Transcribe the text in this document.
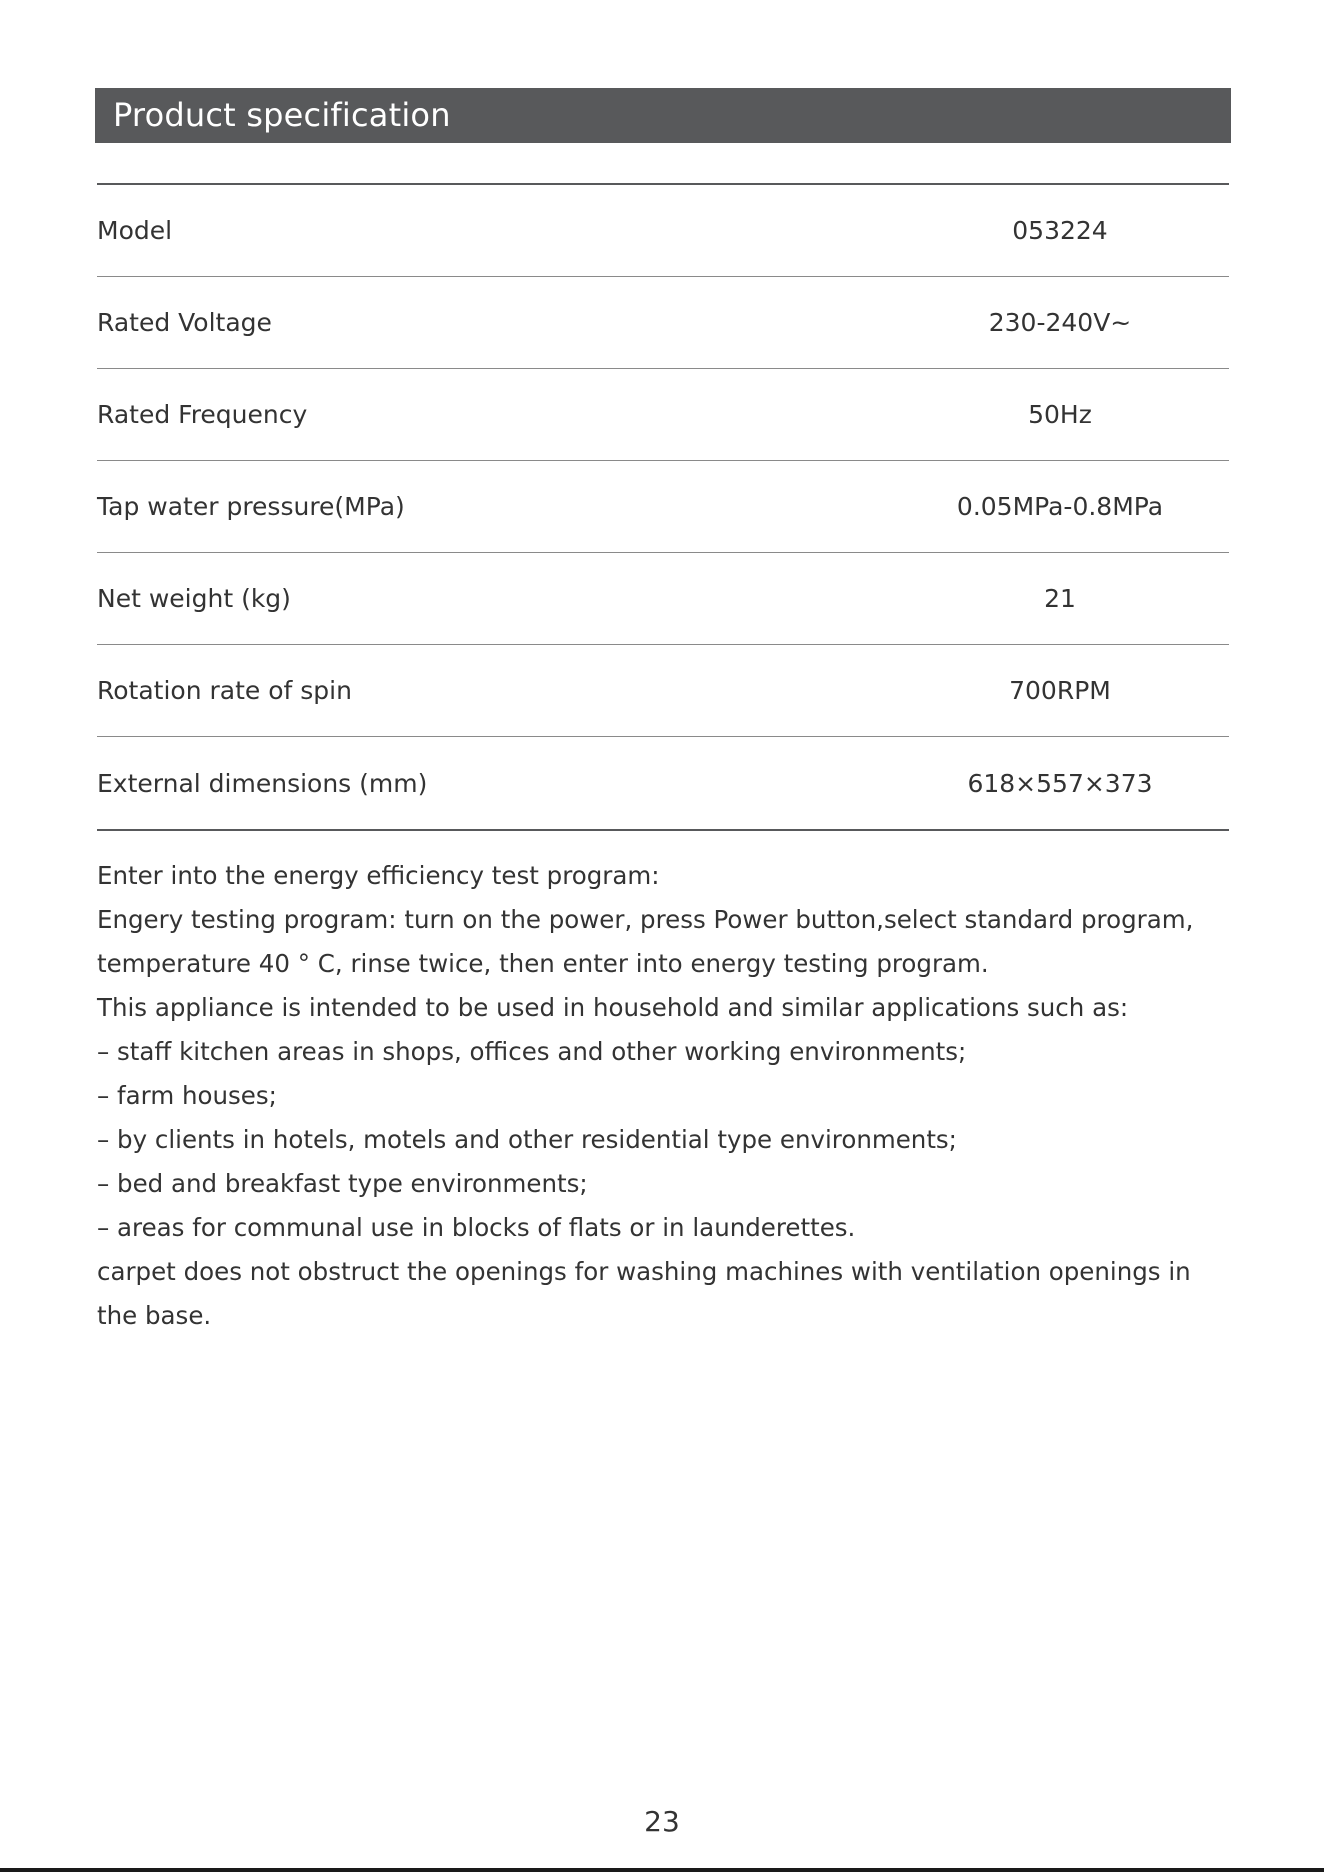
Product specification
Model	053224
Rated Voltage	230-240V~
Rated Frequency	50Hz
Tap water pressure(MPa)	0.05MPa-0.8MPa
Net weight (kg)	21
Rotation rate of spin	700RPM
External dimensions (mm)	618×557×373

Enter into the energy efficiency test program:

Engery testing program: turn on the power, press Power button,select standard program,

temperature 40 ° C, rinse twice, then enter into energy testing program.

This appliance is intended to be used in household and similar applications such as:

– staff kitchen areas in shops, offices and other working environments;

– farm houses;

– by clients in hotels, motels and other residential type environments;

– bed and breakfast type environments;

– areas for communal use in blocks of flats or in launderettes.

carpet does not obstruct the openings for washing machines with ventilation openings in the base.

23
